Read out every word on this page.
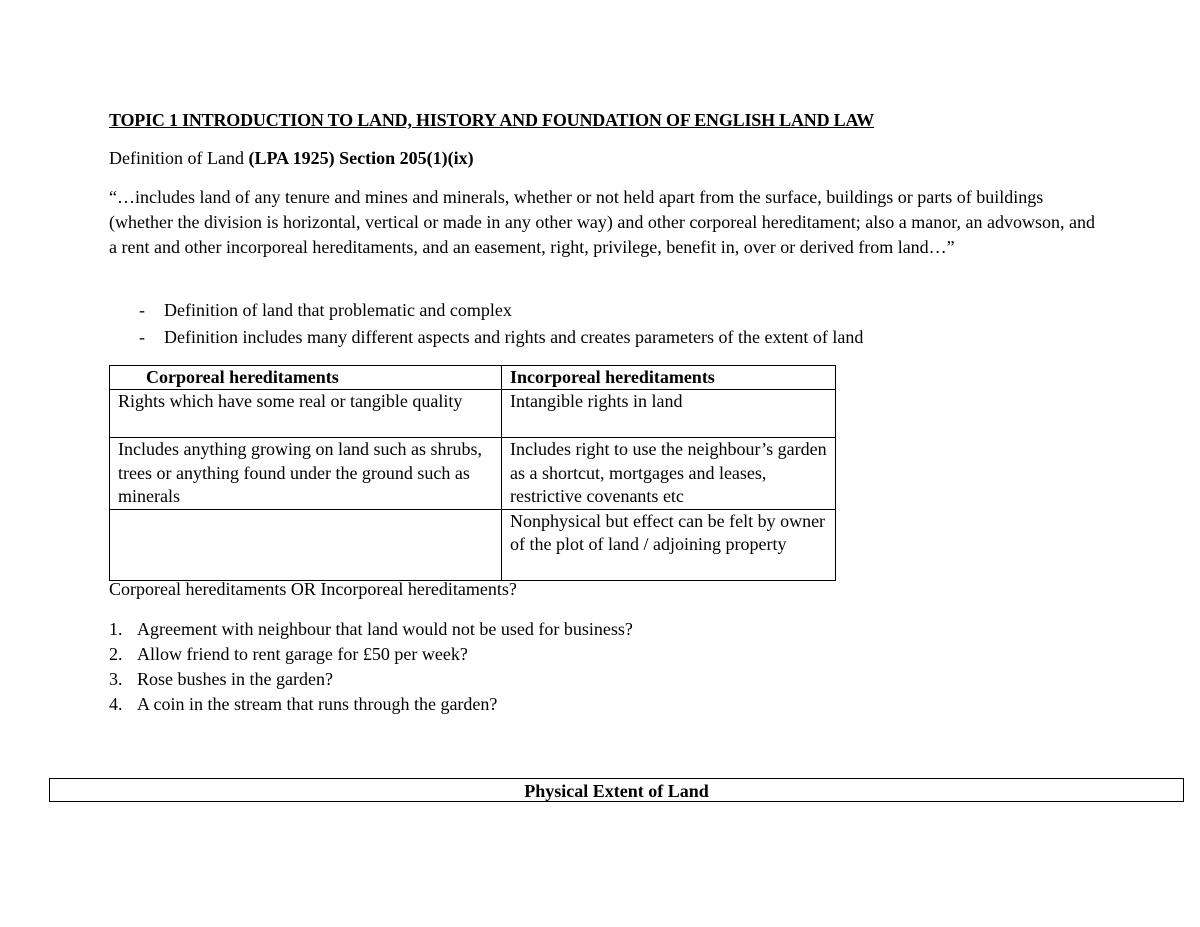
TOPIC 1 INTRODUCTION TO LAND, HISTORY AND FOUNDATION OF ENGLISH LAND LAW
Definition of Land (LPA 1925) Section 205(1)(ix)
“…includes land of any tenure and mines and minerals, whether or not held apart from the surface, buildings or parts of buildings (whether the division is horizontal, vertical or made in any other way) and other corporeal hereditament; also a manor, an advowson, and a rent and other incorporeal hereditaments, and an easement, right, privilege, benefit in, over or derived from land…”
- Definition of land that problematic and complex
- Definition includes many different aspects and rights and creates parameters of the extent of land
Corporeal hereditaments	Incorporeal hereditaments
Rights which have some real or tangible quality	Intangible rights in land
Includes anything growing on land such as shrubs, trees or anything found under the ground such as minerals	Includes right to use the neighbour’s garden as a shortcut, mortgages and leases, restrictive covenants etc
	Nonphysical but effect can be felt by owner of the plot of land / adjoining property
Corporeal hereditaments OR Incorporeal hereditaments?
1. Agreement with neighbour that land would not be used for business?
2. Allow friend to rent garage for £50 per week?
3. Rose bushes in the garden?
4. A coin in the stream that runs through the garden?
Physical Extent of Land
